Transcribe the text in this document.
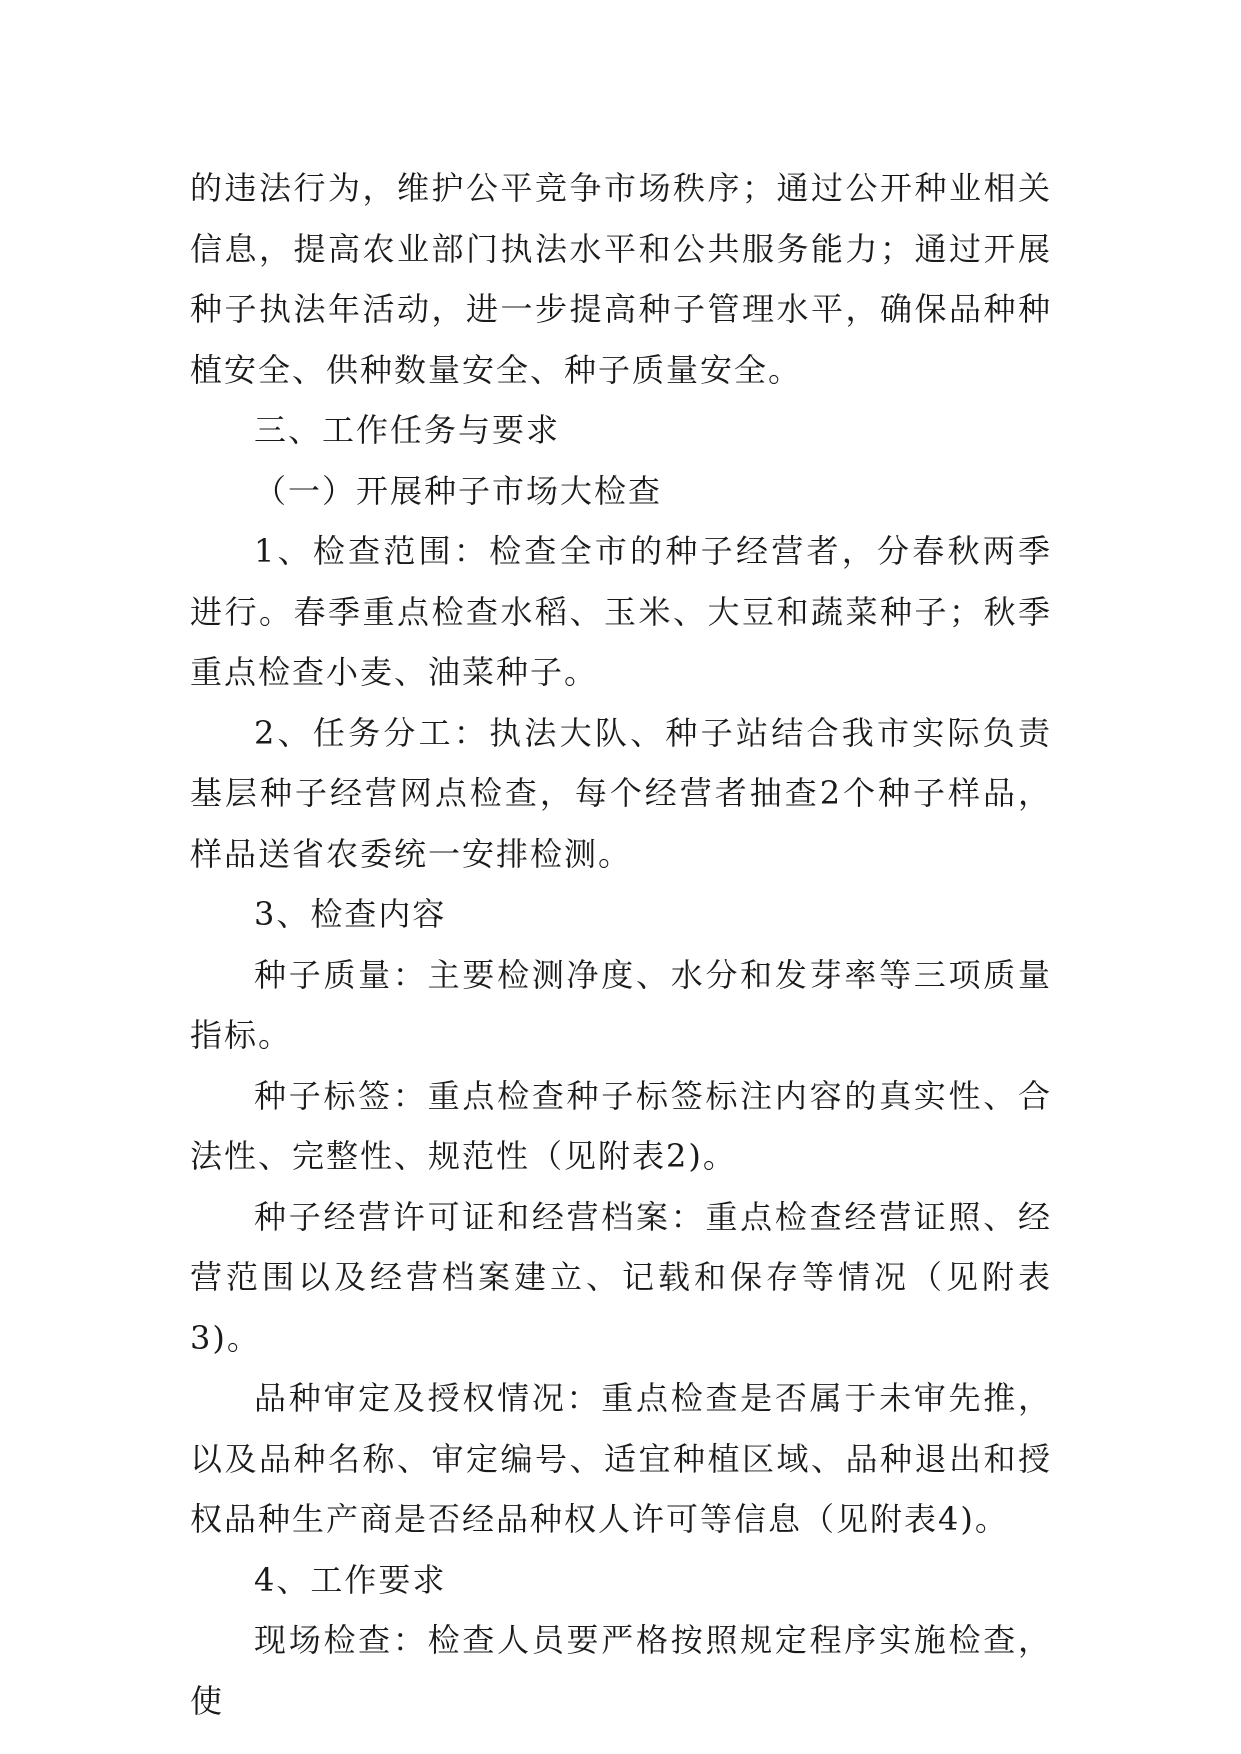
的违法行为，维护公平竞争市场秩序；通过公开种业相关信息，提高农业部门执法水平和公共服务能力；通过开展种子执法年活动，进一步提高种子管理水平，确保品种种植安全、供种数量安全、种子质量安全。

三、工作任务与要求

（一）开展种子市场大检查

1、检查范围：检查全市的种子经营者，分春秋两季进行。春季重点检查水稻、玉米、大豆和蔬菜种子；秋季重点检查小麦、油菜种子。

2、任务分工：执法大队、种子站结合我市实际负责基层种子经营网点检查，每个经营者抽查2个种子样品，样品送省农委统一安排检测。

3、检查内容

种子质量：主要检测净度、水分和发芽率等三项质量指标。

种子标签：重点检查种子标签标注内容的真实性、合法性、完整性、规范性（见附表2)。

种子经营许可证和经营档案：重点检查经营证照、经营范围以及经营档案建立、记载和保存等情况（见附表3)。

品种审定及授权情况：重点检查是否属于未审先推，以及品种名称、审定编号、适宜种植区域、品种退出和授权品种生产商是否经品种权人许可等信息（见附表4)。

4、工作要求

现场检查：检查人员要严格按照规定程序实施检查，使
